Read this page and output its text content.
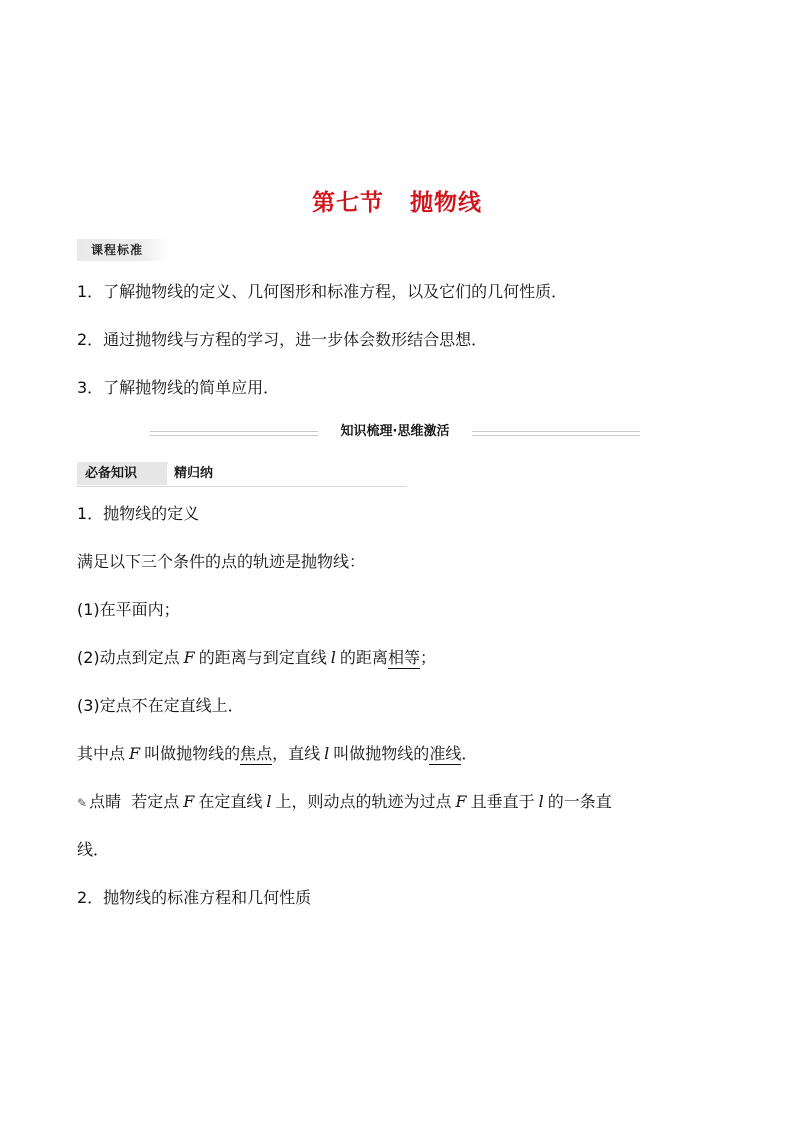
第七节 抛物线
课程标准
1．了解抛物线的定义、几何图形和标准方程，以及它们的几何性质．
2．通过抛物线与方程的学习，进一步体会数形结合思想．
3．了解抛物线的简单应用．
知识梳理·思维激活
必备知识	精归纳
1．抛物线的定义
满足以下三个条件的点的轨迹是抛物线：
(1)在平面内；
(2)动点到定点 F 的距离与到定直线 l 的距离相等；
(3)定点不在定直线上．
其中点 F 叫做抛物线的焦点，直线 l 叫做抛物线的准线．
✎ 点睛 若定点 F 在定直线 l 上，则动点的轨迹为过点 F 且垂直于 l 的一条直
线．
2．抛物线的标准方程和几何性质
